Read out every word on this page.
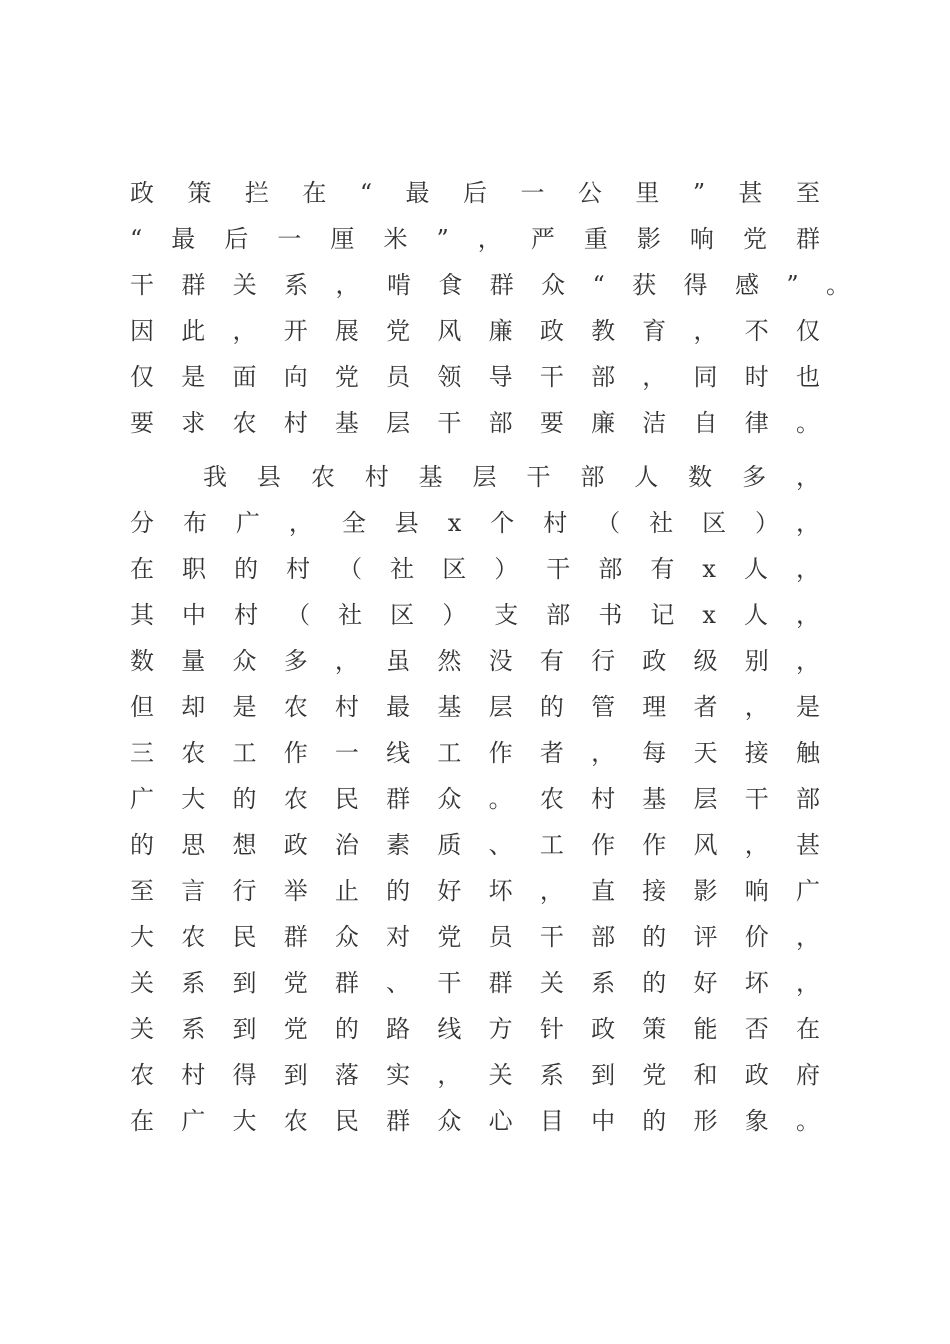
政策拦在“最后一公里”甚至
“最后一厘米”，严重影响党群
干群关系，啃食群众“获得感”。
因此，开展党风廉政教育，不仅
仅是面向党员领导干部，同时也
要求农村基层干部要廉洁自律。
我县农村基层干部人数多，
分布广，全县x个村（社区），
在职的村（社区）干部有x人，
其中村（社区）支部书记x人，
数量众多，虽然没有行政级别，
但却是农村最基层的管理者，是
三农工作一线工作者，每天接触
广大的农民群众。农村基层干部
的思想政治素质、工作作风，甚
至言行举止的好坏，直接影响广
大农民群众对党员干部的评价，
关系到党群、干群关系的好坏，
关系到党的路线方针政策能否在
农村得到落实，关系到党和政府
在广大农民群众心目中的形象。
